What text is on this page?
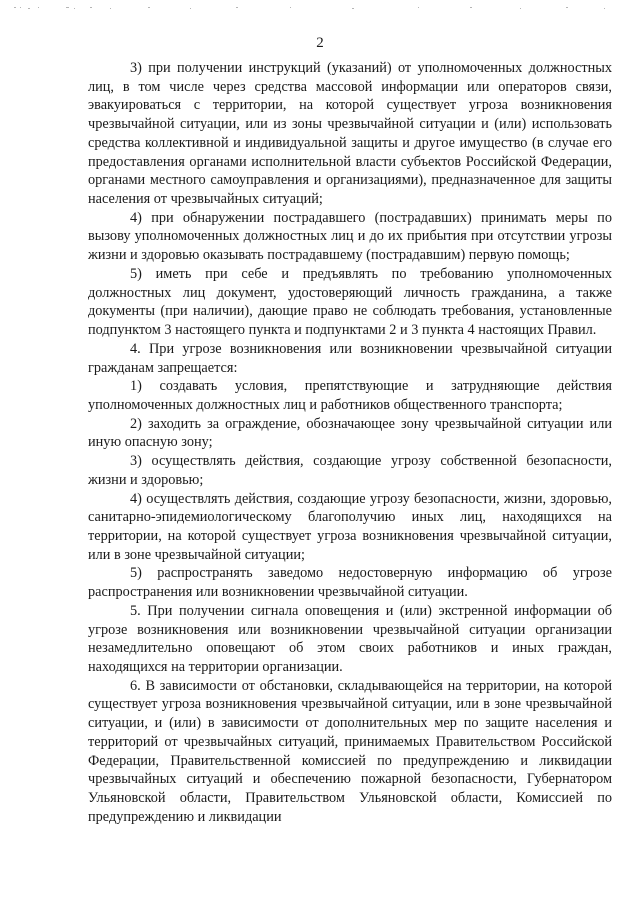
2

3) при получении инструкций (указаний) от уполномоченных должностных лиц, в том числе через средства массовой информации или операторов связи, эвакуироваться с территории, на которой существует угроза возникновения чрезвычайной ситуации, или из зоны чрезвычайной ситуации и (или) использовать средства коллективной и индивидуальной защиты и другое имущество (в случае его предоставления органами исполнительной власти субъектов Российской Федерации, органами местного самоуправления и организациями), предназначенное для защиты населения от чрезвычайных ситуаций;

4) при обнаружении пострадавшего (пострадавших) принимать меры по вызову уполномоченных должностных лиц и до их прибытия при отсутствии угрозы жизни и здоровью оказывать пострадавшему (пострадавшим) первую помощь;

5) иметь при себе и предъявлять по требованию уполномоченных должностных лиц документ, удостоверяющий личность гражданина, а также документы (при наличии), дающие право не соблюдать требования, установленные подпунктом 3 настоящего пункта и подпунктами 2 и 3 пункта 4 настоящих Правил.

4. При угрозе возникновения или возникновении чрезвычайной ситуации гражданам запрещается:

1) создавать условия, препятствующие и затрудняющие действия уполномоченных должностных лиц и работников общественного транспорта;

2) заходить за ограждение, обозначающее зону чрезвычайной ситуации или иную опасную зону;

3) осуществлять действия, создающие угрозу собственной безопасности, жизни и здоровью;

4) осуществлять действия, создающие угрозу безопасности, жизни, здоровью, санитарно-эпидемиологическому благополучию иных лиц, находящихся на территории, на которой существует угроза возникновения чрезвычайной ситуации, или в зоне чрезвычайной ситуации;

5) распространять заведомо недостоверную информацию об угрозе распространения или возникновении чрезвычайной ситуации.

5. При получении сигнала оповещения и (или) экстренной информации об угрозе возникновения или возникновении чрезвычайной ситуации организации незамедлительно оповещают об этом своих работников и иных граждан, находящихся на территории организации.

6. В зависимости от обстановки, складывающейся на территории, на которой существует угроза возникновения чрезвычайной ситуации, или в зоне чрезвычайной ситуации, и (или) в зависимости от дополнительных мер по защите населения и территорий от чрезвычайных ситуаций, принимаемых Правительством Российской Федерации, Правительственной комиссией по предупреждению и ликвидации чрезвычайных ситуаций и обеспечению пожарной безопасности, Губернатором Ульяновской области, Правительством Ульяновской области, Комиссией по предупреждению и ликвидации
